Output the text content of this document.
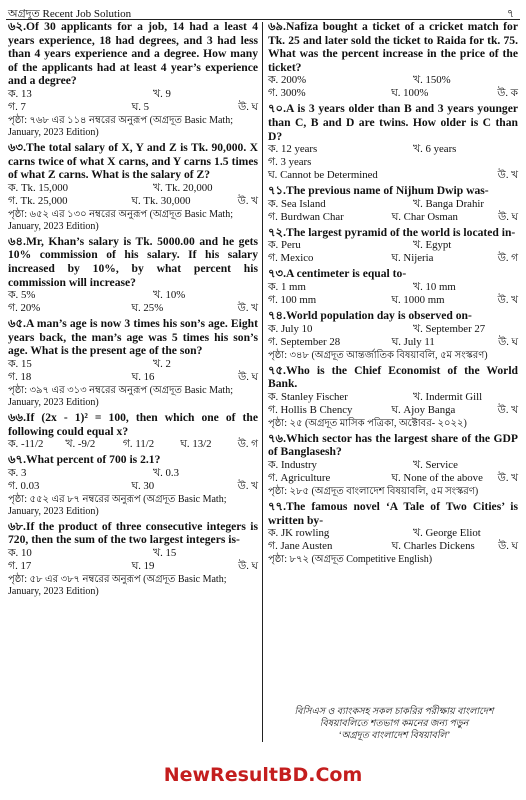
অগ্রদূত Recent Job Solution	৭
৬২.Of 30 applicants for a job, 14 had a least 4 years experience, 18 had degrees, and 3 had less than 4 years experience and a degree. How many of the applicants had at least 4 year’s experience and a degree?
ক. 13	খ. 9
গ. 7	ঘ. 5	উ. ঘ
পৃষ্ঠা: ৭৬৮ এর ১১৪ নম্বরের অনুরূপ (অগ্রদূত Basic Math; January, 2023 Edition)
৬৩.The total salary of X, Y and Z is Tk. 90,000. X carns twice of what X carns, and Y carns 1.5 times of what Z carns. What is the salary of Z?
ক. Tk. 15,000	খ. Tk. 20,000
গ. Tk. 25,000	ঘ. Tk. 30,000	উ. খ
পৃষ্ঠা: ৬৫২ এর ১৩০ নম্বরের অনুরূপ (অগ্রদূত Basic Math; January, 2023 Edition)
৬৪.Mr, Khan’s salary is Tk. 5000.00 and he gets 10% commission of his salary. If his salary increased by 10%, by what percent his commission will increase?
ক. 5%	খ. 10%
গ. 20%	ঘ. 25%	উ. খ
৬৫.A man’s age is now 3 times his son’s age. Eight years back, the man’s age was 5 times his son’s age. What is the present age of the son?
ক. 15	খ. 2
গ. 18	ঘ. 16	উ. ঘ
পৃষ্ঠা: ৩৯৭ এর ৩১৩ নম্বরের অনুরূপ (অগ্রদূত Basic Math; January, 2023 Edition)
৬৬.If (2x - 1)² = 100, then which one of the following could equal x?
ক. -11/2	খ. -9/2	গ. 11/2	ঘ. 13/2	উ. গ
৬৭.What percent of 700 is 2.1?
ক. 3	খ. 0.3
গ. 0.03	ঘ. 30	উ. খ
পৃষ্ঠা: ৫৫২ এর ৮৭ নম্বরের অনুরূপ (অগ্রদূত Basic Math; January, 2023 Edition)
৬৮.If the product of three consecutive integers is 720, then the sum of the two largest integers is-
ক. 10	খ. 15
গ. 17	ঘ. 19	উ. ঘ
পৃষ্ঠা: ৫৮ এর ৩৮৭ নম্বরের অনুরূপ (অগ্রদূত Basic Math; January, 2023 Edition)
৬৯.Nafiza bought a ticket of a cricket match for Tk. 25 and later sold the ticket to Raida for tk. 75. What was the percent increase in the price of the ticket?
ক. 200%	খ. 150%
গ. 300%	ঘ. 100%	উ. ক
৭০.A is 3 years older than B and 3 years younger than C, B and D are twins. How older is C than D?
ক. 12 years	খ. 6 years
গ. 3 years
ঘ. Cannot be Determined	উ. খ
৭১.The previous name of Nijhum Dwip was-
ক. Sea Island	খ. Banga Drahir
গ. Burdwan Char	ঘ. Char Osman	উ. ঘ
৭২.The largest pyramid of the world is located in-
ক. Peru	খ. Egypt
গ. Mexico	ঘ. Nijeria	উ. গ
৭৩.A centimeter is equal to-
ক. 1 mm	খ. 10 mm
গ. 100 mm	ঘ. 1000 mm	উ. খ
৭৪.World population day is observed on-
ক. July 10	খ. September 27
গ. September 28	ঘ. July 11	উ. ঘ
পৃষ্ঠা: ৩৪৮ (অগ্রদূত আন্তর্জাতিক বিষয়াবলি, ৫ম সংস্করণ)
৭৫.Who is the Chief Economist of the World Bank.
ক. Stanley Fischer	খ. Indermit Gill
গ. Hollis B Chency	ঘ. Ajoy Banga	উ. খ
পৃষ্ঠা: ২৫ (অগ্রদূত মাসিক পত্রিকা, অক্টোবর- ২০২২)
৭৬.Which sector has the largest share of the GDP of Banglasesh?
ক. Industry	খ. Service
গ. Agriculture	ঘ. None of the above	উ. খ
পৃষ্ঠা: ২৮৫ (অগ্রদূত বাংলাদেশ বিষয়াবলি, ৫ম সংস্করণ)
৭৭.The famous novel ‘A Tale of Two Cities’ is written by-
ক. JK rowling	খ. George Eliot
গ. Jane Austen	ঘ. Charles Dickens	উ. ঘ
পৃষ্ঠা: ৮৭২ (অগ্রদূত Competitive English)
বিসিএস ও ব্যাংকসহ সকল চাকরির পরীক্ষায় বাংলাদেশ
বিষয়াবলিতে শতভাগ কমনের জন্য পড়ুন
‘অগ্রদূত বাংলাদেশ বিষয়াবলি’
NewResultBD.Com
